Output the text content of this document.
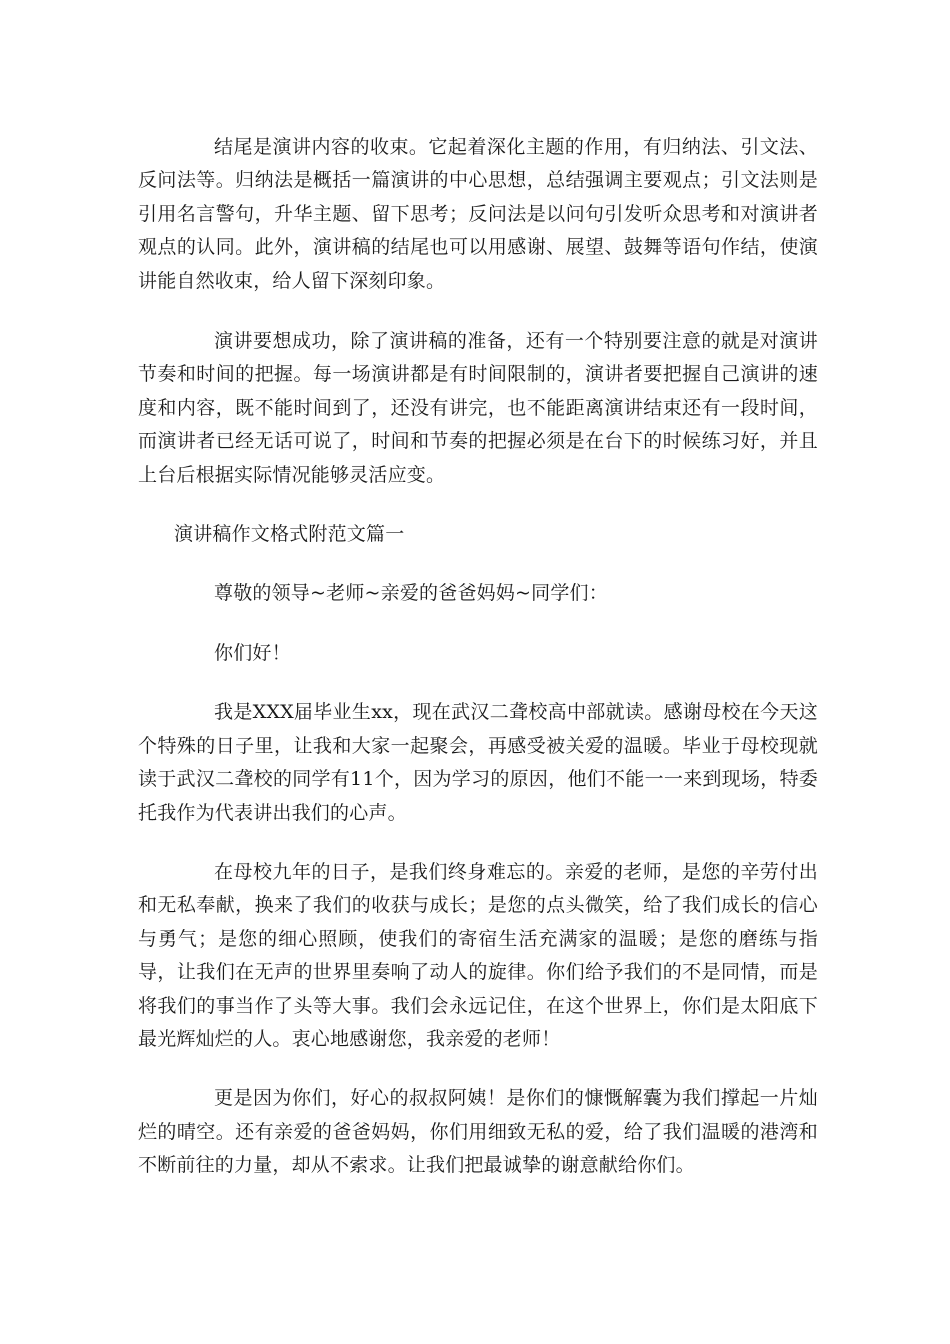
结尾是演讲内容的收束。它起着深化主题的作用，有归纳法、引文法、反问法等。归纳法是概括一篇演讲的中心思想，总结强调主要观点；引文法则是引用名言警句，升华主题、留下思考；反问法是以问句引发听众思考和对演讲者观点的认同。此外，演讲稿的结尾也可以用感谢、展望、鼓舞等语句作结，使演讲能自然收束，给人留下深刻印象。

演讲要想成功，除了演讲稿的准备，还有一个特别要注意的就是对演讲节奏和时间的把握。每一场演讲都是有时间限制的，演讲者要把握自己演讲的速度和内容，既不能时间到了，还没有讲完，也不能距离演讲结束还有一段时间，而演讲者已经无话可说了，时间和节奏的把握必须是在台下的时候练习好，并且上台后根据实际情况能够灵活应变。

演讲稿作文格式附范文篇一

尊敬的领导~老师~亲爱的爸爸妈妈~同学们：

你们好！

我是XXX届毕业生xx，现在武汉二聋校高中部就读。感谢母校在今天这个特殊的日子里，让我和大家一起聚会，再感受被关爱的温暖。毕业于母校现就读于武汉二聋校的同学有11个，因为学习的原因，他们不能一一来到现场，特委托我作为代表讲出我们的心声。

在母校九年的日子，是我们终身难忘的。亲爱的老师，是您的辛劳付出和无私奉献，换来了我们的收获与成长；是您的点头微笑，给了我们成长的信心与勇气；是您的细心照顾，使我们的寄宿生活充满家的温暖；是您的磨练与指导，让我们在无声的世界里奏响了动人的旋律。你们给予我们的不是同情，而是将我们的事当作了头等大事。我们会永远记住，在这个世界上，你们是太阳底下最光辉灿烂的人。衷心地感谢您，我亲爱的老师！

更是因为你们，好心的叔叔阿姨！是你们的慷慨解囊为我们撑起一片灿烂的晴空。还有亲爱的爸爸妈妈，你们用细致无私的爱，给了我们温暖的港湾和不断前往的力量，却从不索求。让我们把最诚挚的谢意献给你们。
